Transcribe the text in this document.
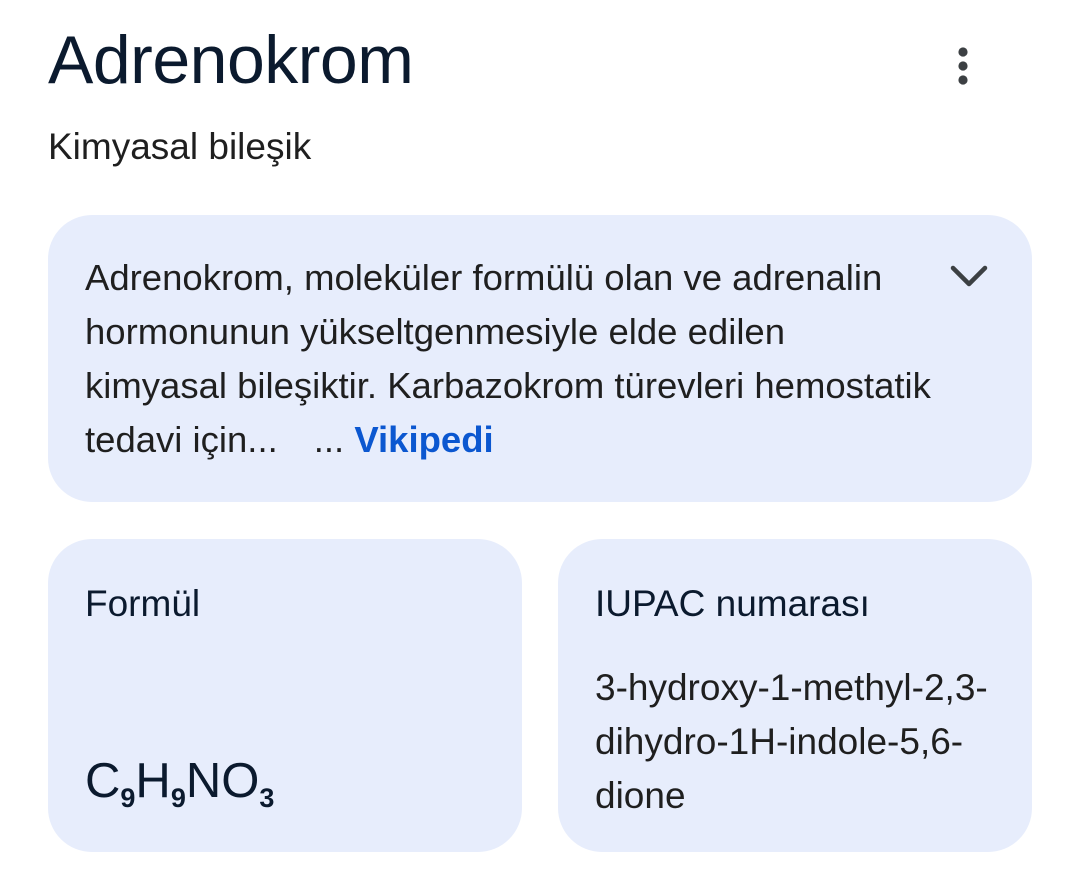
Adrenokrom

Kimyasal bileşik

Adrenokrom, moleküler formülü olan ve adrenalin hormonunun yükseltgenmesiyle elde edilen kimyasal bileşiktir. Karbazokrom türevleri hemostatik tedavi için... ... Vikipedi
Formül
$C_9H_9NO_3$
IUPAC numarası
3-hydroxy-1-methyl-2,3-dihydro-1H-indole-5,6-dione
